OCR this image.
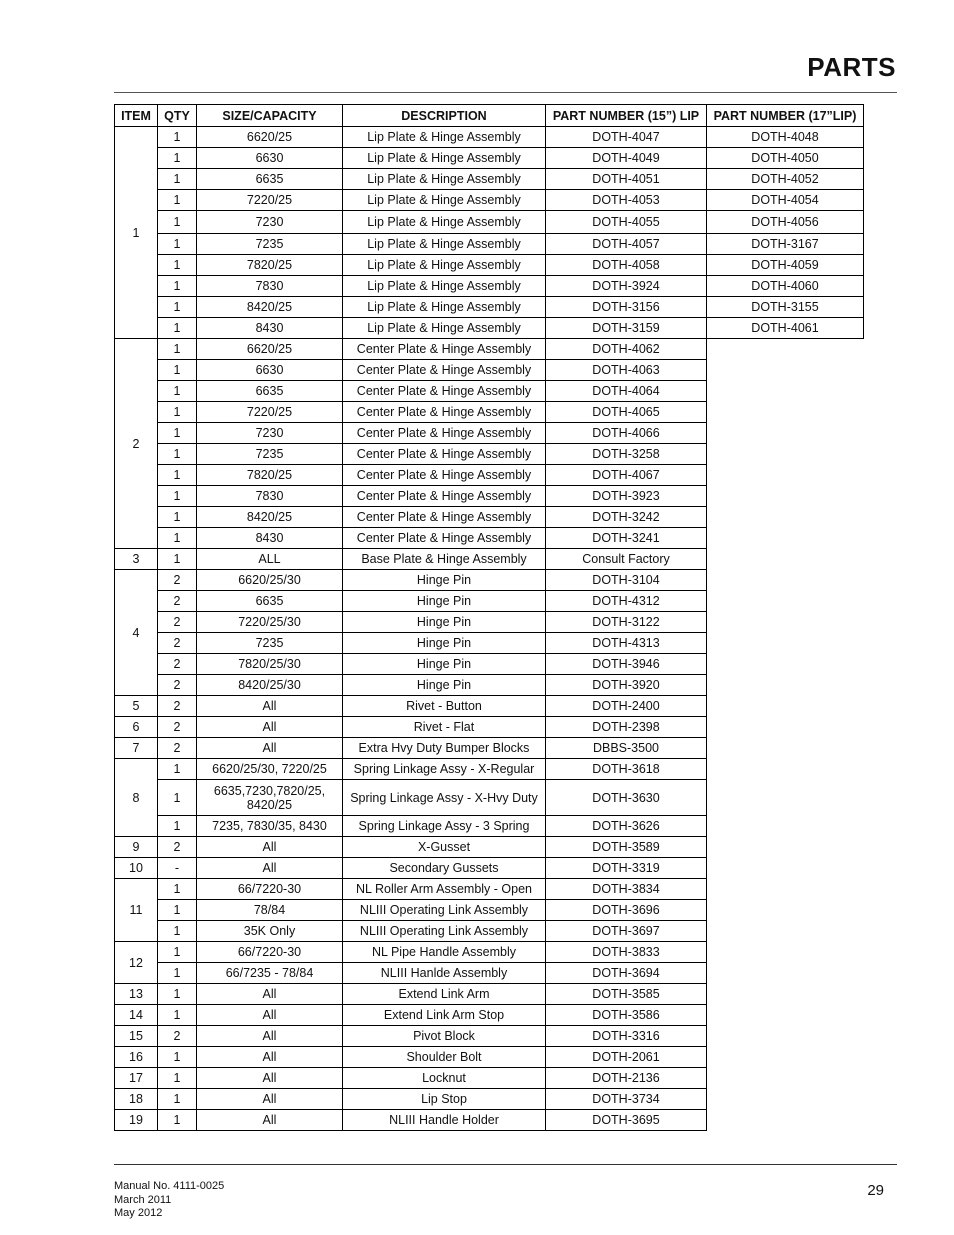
PARTS
ITEM	QTY	SIZE/CAPACITY	DESCRIPTION	PART NUMBER (15”) LIP	PART NUMBER (17”LIP)
1	1	6620/25	Lip Plate & Hinge Assembly	DOTH-4047	DOTH-4048
	1	6630	Lip Plate & Hinge Assembly	DOTH-4049	DOTH-4050
	1	6635	Lip Plate & Hinge Assembly	DOTH-4051	DOTH-4052
	1	7220/25	Lip Plate & Hinge Assembly	DOTH-4053	DOTH-4054
	1	7230	Lip Plate & Hinge Assembly	DOTH-4055	DOTH-4056
	1	7235	Lip Plate & Hinge Assembly	DOTH-4057	DOTH-3167
	1	7820/25	Lip Plate & Hinge Assembly	DOTH-4058	DOTH-4059
	1	7830	Lip Plate & Hinge Assembly	DOTH-3924	DOTH-4060
	1	8420/25	Lip Plate & Hinge Assembly	DOTH-3156	DOTH-3155
	1	8430	Lip Plate & Hinge Assembly	DOTH-3159	DOTH-4061
2	1	6620/25	Center Plate & Hinge Assembly	DOTH-4062	
	1	6630	Center Plate & Hinge Assembly	DOTH-4063	
	1	6635	Center Plate & Hinge Assembly	DOTH-4064	
	1	7220/25	Center Plate & Hinge Assembly	DOTH-4065	
	1	7230	Center Plate & Hinge Assembly	DOTH-4066	
	1	7235	Center Plate & Hinge Assembly	DOTH-3258	
	1	7820/25	Center Plate & Hinge Assembly	DOTH-4067	
	1	7830	Center Plate & Hinge Assembly	DOTH-3923	
	1	8420/25	Center Plate & Hinge Assembly	DOTH-3242	
	1	8430	Center Plate & Hinge Assembly	DOTH-3241	
3	1	ALL	Base Plate & Hinge Assembly	Consult Factory	
4	2	6620/25/30	Hinge Pin	DOTH-3104	
	2	6635	Hinge Pin	DOTH-4312	
	2	7220/25/30	Hinge Pin	DOTH-3122	
	2	7235	Hinge Pin	DOTH-4313	
	2	7820/25/30	Hinge Pin	DOTH-3946	
	2	8420/25/30	Hinge Pin	DOTH-3920	
5	2	All	Rivet - Button	DOTH-2400	
6	2	All	Rivet - Flat	DOTH-2398	
7	2	All	Extra Hvy Duty Bumper Blocks	DBBS-3500	
8	1	6620/25/30, 7220/25	Spring Linkage Assy - X-Regular	DOTH-3618	
	1	6635,7230,7820/25, 8420/25	Spring Linkage Assy - X-Hvy Duty	DOTH-3630	
	1	7235, 7830/35, 8430	Spring Linkage Assy - 3 Spring	DOTH-3626	
9	2	All	X-Gusset	DOTH-3589	
10	-	All	Secondary Gussets	DOTH-3319	
11	1	66/7220-30	NL Roller Arm Assembly - Open	DOTH-3834	
	1	78/84	NLIII Operating Link Assembly	DOTH-3696	
	1	35K Only	NLIII Operating Link Assembly	DOTH-3697	
12	1	66/7220-30	NL Pipe Handle Assembly	DOTH-3833	
	1	66/7235 - 78/84	NLIII Hanlde Assembly	DOTH-3694	
13	1	All	Extend Link Arm	DOTH-3585	
14	1	All	Extend Link Arm Stop	DOTH-3586	
15	2	All	Pivot Block	DOTH-3316	
16	1	All	Shoulder Bolt	DOTH-2061	
17	1	All	Locknut	DOTH-2136	
18	1	All	Lip Stop	DOTH-3734	
19	1	All	NLIII Handle Holder	DOTH-3695	
Manual No. 4111-0025
March 2011
May 2012
29
